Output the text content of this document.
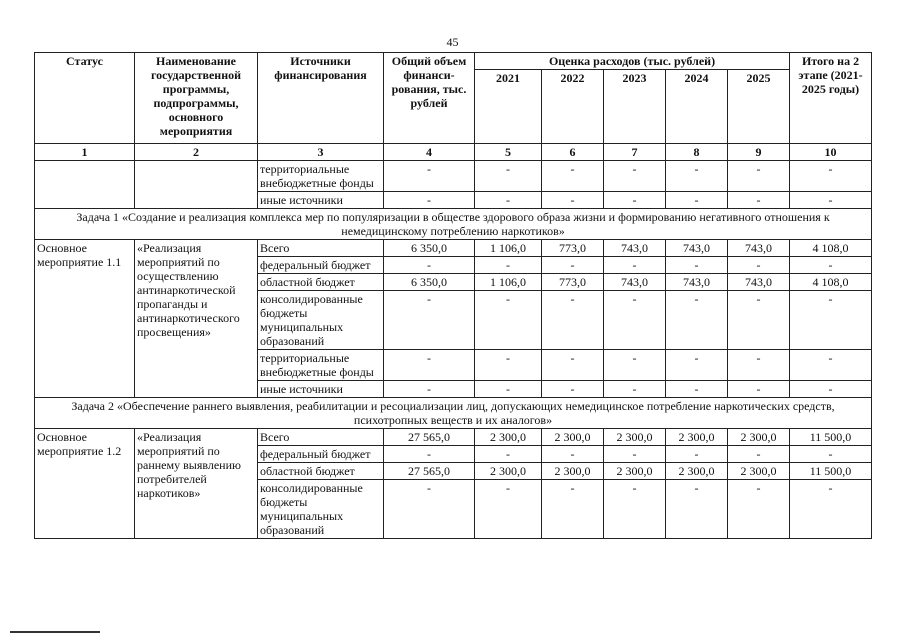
45
Статус	Наименование государственной программы, подпрограммы, основного мероприятия	Источники финансирования	Общий объем финанси-рования, тыс. рублей	Оценка расходов (тыс. рублей)					Итого на 2 этапе (2021-2025 годы)
				2021	2022	2023	2024	2025	
1	2	3	4	5	6	7	8	9	10
		территориальные внебюджетные фонды	-	-	-	-	-	-	-
		иные источники	-	-	-	-	-	-	-
Задача 1 «Создание и реализация комплекса мер по популяризации в обществе здорового образа жизни и формированию негативного отношения к немедицинскому потреблению наркотиков»									
Основное мероприятие 1.1	«Реализация мероприятий по осуществлению антинаркотической пропаганды и антинаркотического просвещения»	Всего	6 350,0	1 106,0	773,0	743,0	743,0	743,0	4 108,0
		федеральный бюджет	-	-	-	-	-	-	-
		областной бюджет	6 350,0	1 106,0	773,0	743,0	743,0	743,0	4 108,0
		консолидированные бюджеты муниципальных образований	-	-	-	-	-	-	-
		территориальные внебюджетные фонды	-	-	-	-	-	-	-
		иные источники	-	-	-	-	-	-	-
Задача 2 «Обеспечение раннего выявления, реабилитации и ресоциализации лиц, допускающих немедицинское потребление наркотических средств, психотропных веществ и их аналогов»									
Основное мероприятие 1.2	«Реализация мероприятий по раннему выявлению потребителей наркотиков»	Всего	27 565,0	2 300,0	2 300,0	2 300,0	2 300,0	2 300,0	11 500,0
		федеральный бюджет	-	-	-	-	-	-	-
		областной бюджет	27 565,0	2 300,0	2 300,0	2 300,0	2 300,0	2 300,0	11 500,0
		консолидированные бюджеты муниципальных образований	-	-	-	-	-	-	-
